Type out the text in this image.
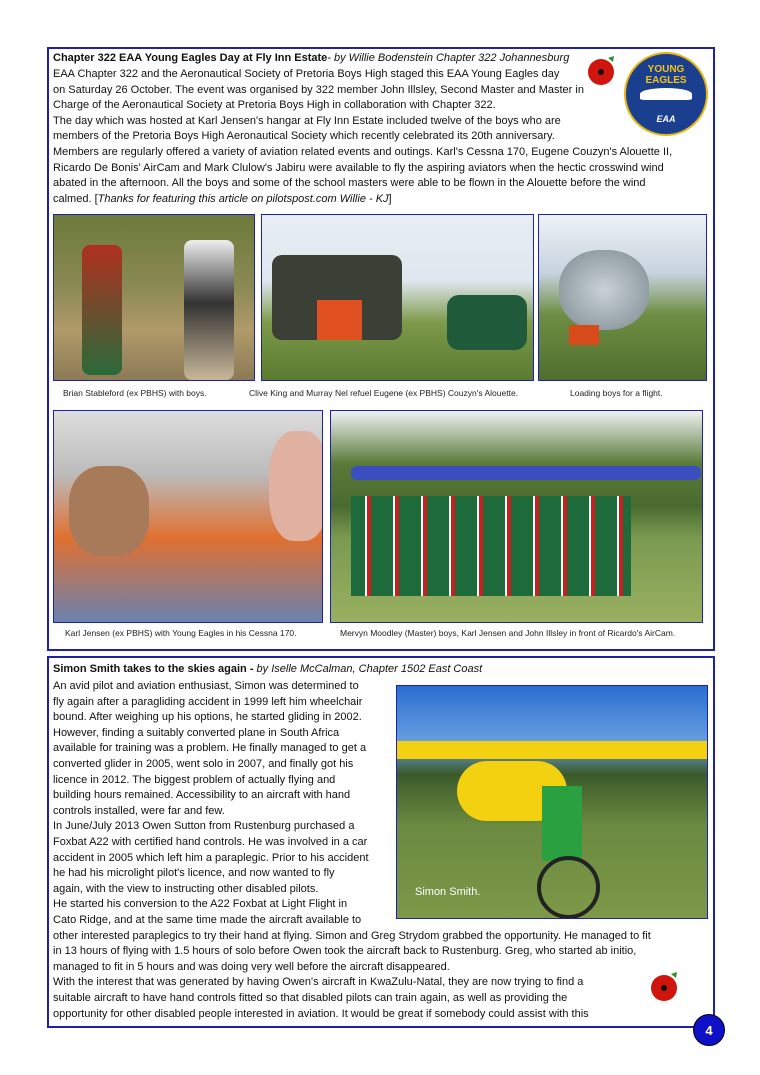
Chapter 322 EAA Young Eagles Day at Fly Inn Estate- by Willie Bodenstein Chapter 322 Johannesburg
EAA Chapter 322 and the Aeronautical Society of Pretoria Boys High staged this EAA Young Eagles day
on Saturday 26 October. The event was organised by 322 member John Illsley, Second Master and Master in
Charge of the Aeronautical Society at Pretoria Boys High in collaboration with Chapter 322.
The day which was hosted at Karl Jensen's hangar at Fly Inn Estate included twelve of the boys who are
members of the Pretoria Boys High Aeronautical Society which recently celebrated its 20th anniversary.
Members are regularly offered a variety of aviation related events and outings. Karl's Cessna 170, Eugene Couzyn's Alouette II,
Ricardo De Bonis' AirCam and Mark Clulow's Jabiru were available to fly the aspiring aviators when the hectic crosswind wind
abated in the afternoon. All the boys and some of the school masters were able to be flown in the Alouette before the wind
calmed. [Thanks for featuring this article on pilotspost.com Willie - KJ]
YOUNG EAGLES
EAA
Brian Stableford (ex PBHS) with boys.	Clive King and Murray Nel refuel Eugene (ex PBHS) Couzyn's Alouette.	Loading boys for a flight.
Karl Jensen (ex PBHS) with Young Eagles in his Cessna 170.	Mervyn Moodley (Master) boys, Karl Jensen and John Illsley in front of Ricardo's AirCam.
Simon Smith takes to the skies again - by Iselle McCalman, Chapter 1502 East Coast
An avid pilot and aviation enthusiast, Simon was determined to
fly again after a paragliding accident in 1999 left him wheelchair
bound. After weighing up his options, he started gliding in 2002.
However, finding a suitably converted plane in South Africa
available for training was a problem. He finally managed to get a
converted glider in 2005, went solo in 2007, and finally got his
licence in 2012. The biggest problem of actually flying and
building hours remained. Accessibility to an aircraft with hand
controls installed, were far and few.
In June/July 2013 Owen Sutton from Rustenburg purchased a
Foxbat A22 with certified hand controls. He was involved in a car
accident in 2005 which left him a paraplegic. Prior to his accident
he had his microlight pilot's licence, and now wanted to fly
again, with the view to instructing other disabled pilots.
He started his conversion to the A22 Foxbat at Light Flight in
Cato Ridge, and at the same time made the aircraft available to
other interested paraplegics to try their hand at flying. Simon and Greg Strydom grabbed the opportunity. He managed to fit
in 13 hours of flying with 1.5 hours of solo before Owen took the aircraft back to Rustenburg. Greg, who started ab initio,
managed to fit in 5 hours and was doing very well before the aircraft disappeared.
With the interest that was generated by having Owen's aircraft in KwaZulu-Natal, they are now trying to find a
suitable aircraft to have hand controls fitted so that disabled pilots can train again, as well as providing the
opportunity for other disabled people interested in aviation. It would be great if somebody could assist with this
Simon Smith.
4
